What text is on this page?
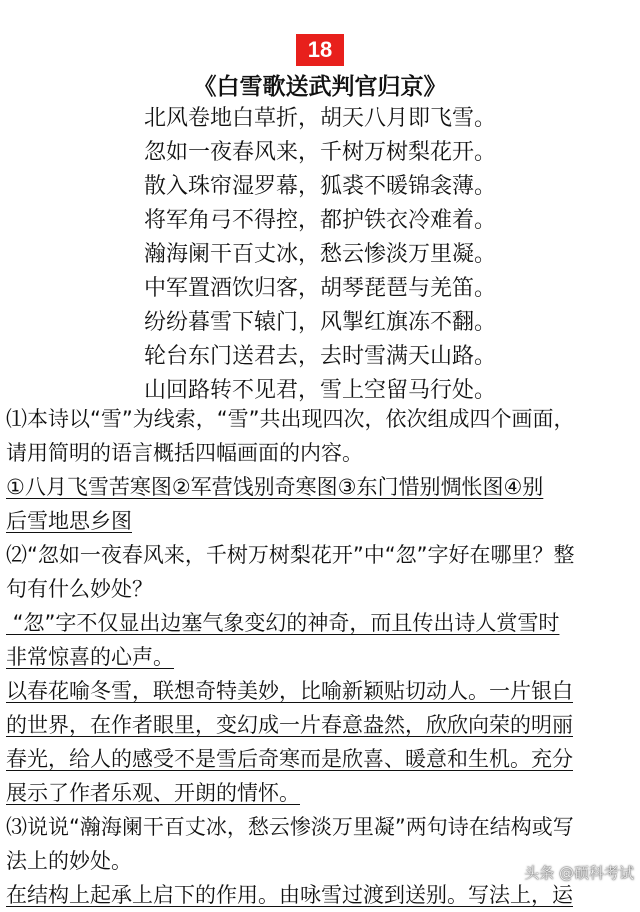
18
《白雪歌送武判官归京》
北风卷地白草折，胡天八月即飞雪。
忽如一夜春风来，千树万树梨花开。
散入珠帘湿罗幕，狐裘不暖锦衾薄。
将军角弓不得控，都护铁衣冷难着。
瀚海阑干百丈冰，愁云惨淡万里凝。
中军置酒饮归客，胡琴琵琶与羌笛。
纷纷暮雪下辕门，风掣红旗冻不翻。
轮台东门送君去，去时雪满天山路。
山回路转不见君，雪上空留马行处。
⑴本诗以“雪”为线索，“雪”共出现四次，依次组成四个画面，
请用简明的语言概括四幅画面的内容。
①八月飞雪苦寒图②军营饯别奇寒图③东门惜别惆怅图④别
后雪地思乡图
⑵“忽如一夜春风来，千树万树梨花开”中“忽”字好在哪里？整
句有什么妙处？
“忽”字不仅显出边塞气象变幻的神奇，而且传出诗人赏雪时
非常惊喜的心声。
以春花喻冬雪，联想奇特美妙，比喻新颖贴切动人。一片银白
的世界，在作者眼里，变幻成一片春意盎然，欣欣向荣的明丽
春光，给人的感受不是雪后奇寒而是欣喜、暖意和生机。充分
展示了作者乐观、开朗的情怀。
⑶说说“瀚海阑干百丈冰，愁云惨淡万里凝”两句诗在结构或写
法上的妙处。
在结构上起承上启下的作用。由咏雪过渡到送别。写法上，运
头条 @硕科考试
